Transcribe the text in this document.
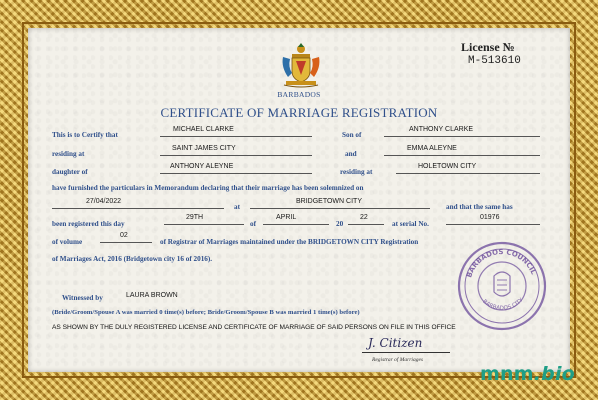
License №
M-513610
BARBADOS
CERTIFICATE OF MARRIAGE REGISTRATION
This is to Certify that
MICHAEL CLARKE
Son of
ANTHONY CLARKE
residing at
SAINT JAMES CITY
and
EMMA ALEYNE
daughter of
ANTHONY ALEYNE
residing at
HOLETOWN CITY
have furnished the particulars in Memorandum declaring that their marriage has been solemnized on
27/04/2022
at
BRIDGETOWN CITY
and that the same has
been registered this day
29TH
of
APRIL
20
22
at serial No.
01976
of volume
02
of Registrar of Marriages maintained under the BRIDGETOWN CITY Registration
of Marriages Act, 2016 (Bridgetown city 16 of 2016).
Witnessed by	LAURA BROWN
(Bride/Groom/Spouse A was married 0 time(s) before; Bride/Groom/Spouse B was married 1 time(s) before)
AS SHOWN BY THE DULY REGISTERED LICENSE AND CERTIFICATE OF MARRIAGE OF SAID PERSONS ON FILE IN THIS OFFICE
BARBADOS COUNCIL
BARBADOS CITY
J. Citizen
Registrar of Marriages
mnm.bio
